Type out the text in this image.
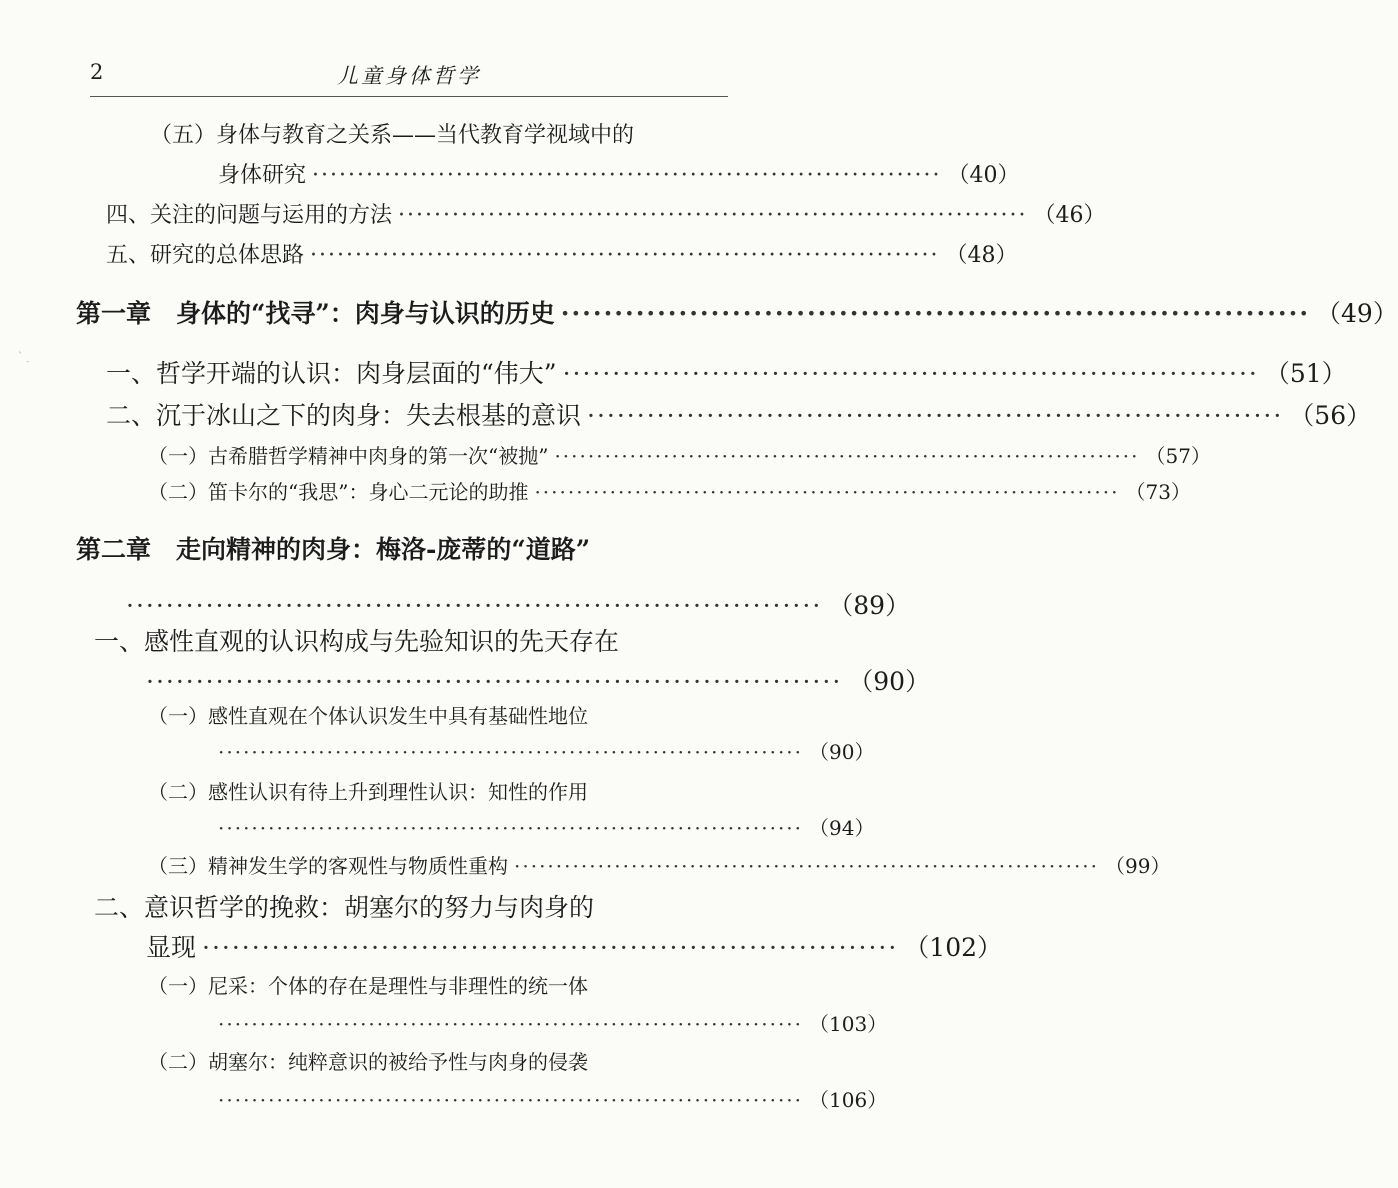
2	儿童身体哲学
ˋ ˎ
（五）身体与教育之关系——当代教育学视域中的
身体研究 ······································································ （40）
四、关注的问题与运用的方法 ······································································ （46）
五、研究的总体思路 ······································································ （48）
第一章　身体的“找寻”：肉身与认识的历史 ······································································ （49）
一、哲学开端的认识：肉身层面的“伟大” ······································································ （51）
二、沉于冰山之下的肉身：失去根基的意识 ······································································ （56）
（一）古希腊哲学精神中肉身的第一次“被抛” ······································································ （57）
（二）笛卡尔的“我思”：身心二元论的助推 ······································································ （73）
第二章　走向精神的肉身：梅洛-庞蒂的“道路”
······································································ （89）
一、感性直观的认识构成与先验知识的先天存在
······································································ （90）
（一）感性直观在个体认识发生中具有基础性地位
······································································ （90）
（二）感性认识有待上升到理性认识：知性的作用
······································································ （94）
（三）精神发生学的客观性与物质性重构 ······································································ （99）
二、意识哲学的挽救：胡塞尔的努力与肉身的
显现 ······································································ （102）
（一）尼采：个体的存在是理性与非理性的统一体
······································································ （103）
（二）胡塞尔：纯粹意识的被给予性与肉身的侵袭
······································································ （106）
